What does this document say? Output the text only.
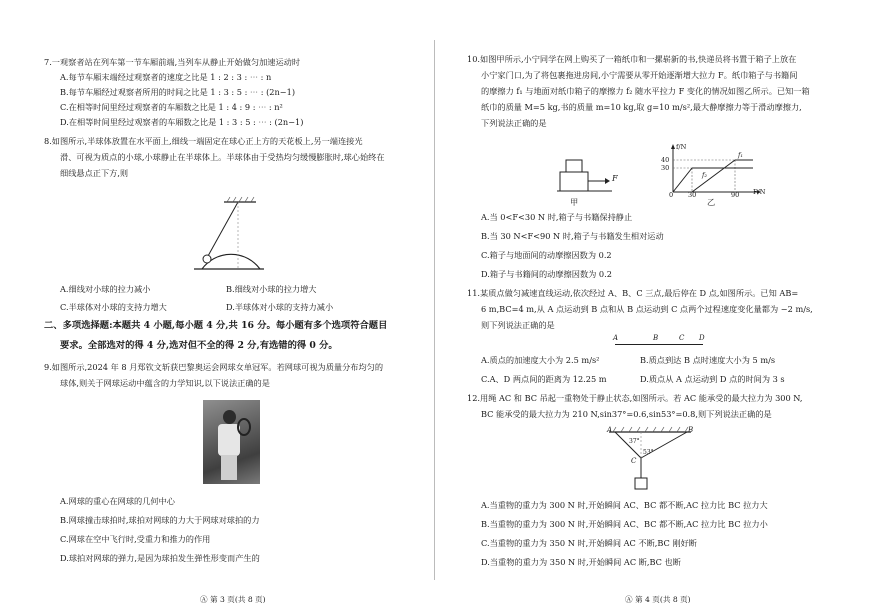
7.一观察者站在列车第一节车厢前端,当列车从静止开始做匀加速运动时
A.每节车厢末端经过观察者的速度之比是 1 : 2 : 3 : ⋯ : n
B.每节车厢经过观察者所用的时间之比是 1 : 3 : 5 : ⋯ : (2n−1)
C.在相等时间里经过观察者的车厢数之比是 1 : 4 : 9 : ⋯ : n²
D.在相等时间里经过观察者的车厢数之比是 1 : 3 : 5 : ⋯ : (2n−1)
8.如图所示,半球体放置在水平面上,细线一端固定在球心正上方的天花板上,另一端连接光
滑、可视为质点的小球,小球静止在半球体上。半球体由于受热均匀缓慢膨胀时,球心始终在
细线悬点正下方,则
A.细线对小球的拉力减小	B.细线对小球的拉力增大
C.半球体对小球的支持力增大	D.半球体对小球的支持力减小
二、多项选择题:本题共 4 小题,每小题 4 分,共 16 分。每小题有多个选项符合题目
要求。全部选对的得 4 分,选对但不全的得 2 分,有选错的得 0 分。
9.如图所示,2024 年 8 月郑钦文斩获巴黎奥运会网球女单冠军。若网球可视为质量分布均匀的
球体,则关于网球运动中蕴含的力学知识,以下说法正确的是
A.网球的重心在网球的几何中心
B.网球撞击球拍时,球拍对网球的力大于网球对球拍的力
C.网球在空中飞行时,受重力和推力的作用
D.球拍对网球的弹力,是因为球拍发生弹性形变而产生的
Ⓐ 第 3 页(共 8 页)
10.如图甲所示,小宁同学在网上购买了一箱纸巾和一摞崭新的书,快递员将书置于箱子上放在
小宁家门口,为了将包裹拖进房间,小宁需要从零开始逐渐增大拉力 F。纸巾箱子与书籍间
的摩擦力 f₁ 与地面对纸巾箱子的摩擦力 f₂ 随水平拉力 F 变化的情况如图乙所示。已知一箱
纸巾的质量 M=5 kg,书的质量 m=10 kg,取 g=10 m/s²,最大静摩擦力等于滑动摩擦力,
下列说法正确的是
F
甲
f/N
F/N
40
30
0 30	90
f₁
f₂
乙
A.当 0<F<30 N 时,箱子与书籍保持静止
B.当 30 N<F<90 N 时,箱子与书籍发生相对运动
C.箱子与地面间的动摩擦因数为 0.2
D.箱子与书籍间的动摩擦因数为 0.2
11.某质点做匀减速直线运动,依次经过 A、B、C 三点,最后停在 D 点,如图所示。已知 AB=
6 m,BC=4 m,从 A 点运动到 B 点和从 B 点运动到 C 点两个过程速度变化量都为 −2 m/s,
则下列说法正确的是
A	B	C D
A.质点的加速度大小为 2.5 m/s²	B.质点到达 B 点时速度大小为 5 m/s
C.A、D 两点间的距离为 12.25 m	D.质点从 A 点运动到 D 点的时间为 3 s
12.用绳 AC 和 BC 吊起一重物处于静止状态,如图所示。若 AC 能承受的最大拉力为 300 N,
BC 能承受的最大拉力为 210 N,sin37°=0.6,sin53°=0.8,则下列说法正确的是
A	B
C
37°
53°
A.当重物的重力为 300 N 时,开始瞬间 AC、BC 都不断,AC 拉力比 BC 拉力大
B.当重物的重力为 300 N 时,开始瞬间 AC、BC 都不断,AC 拉力比 BC 拉力小
C.当重物的重力为 350 N 时,开始瞬间 AC 不断,BC 刚好断
D.当重物的重力为 350 N 时,开始瞬间 AC 断,BC 也断
Ⓐ 第 4 页(共 8 页)
